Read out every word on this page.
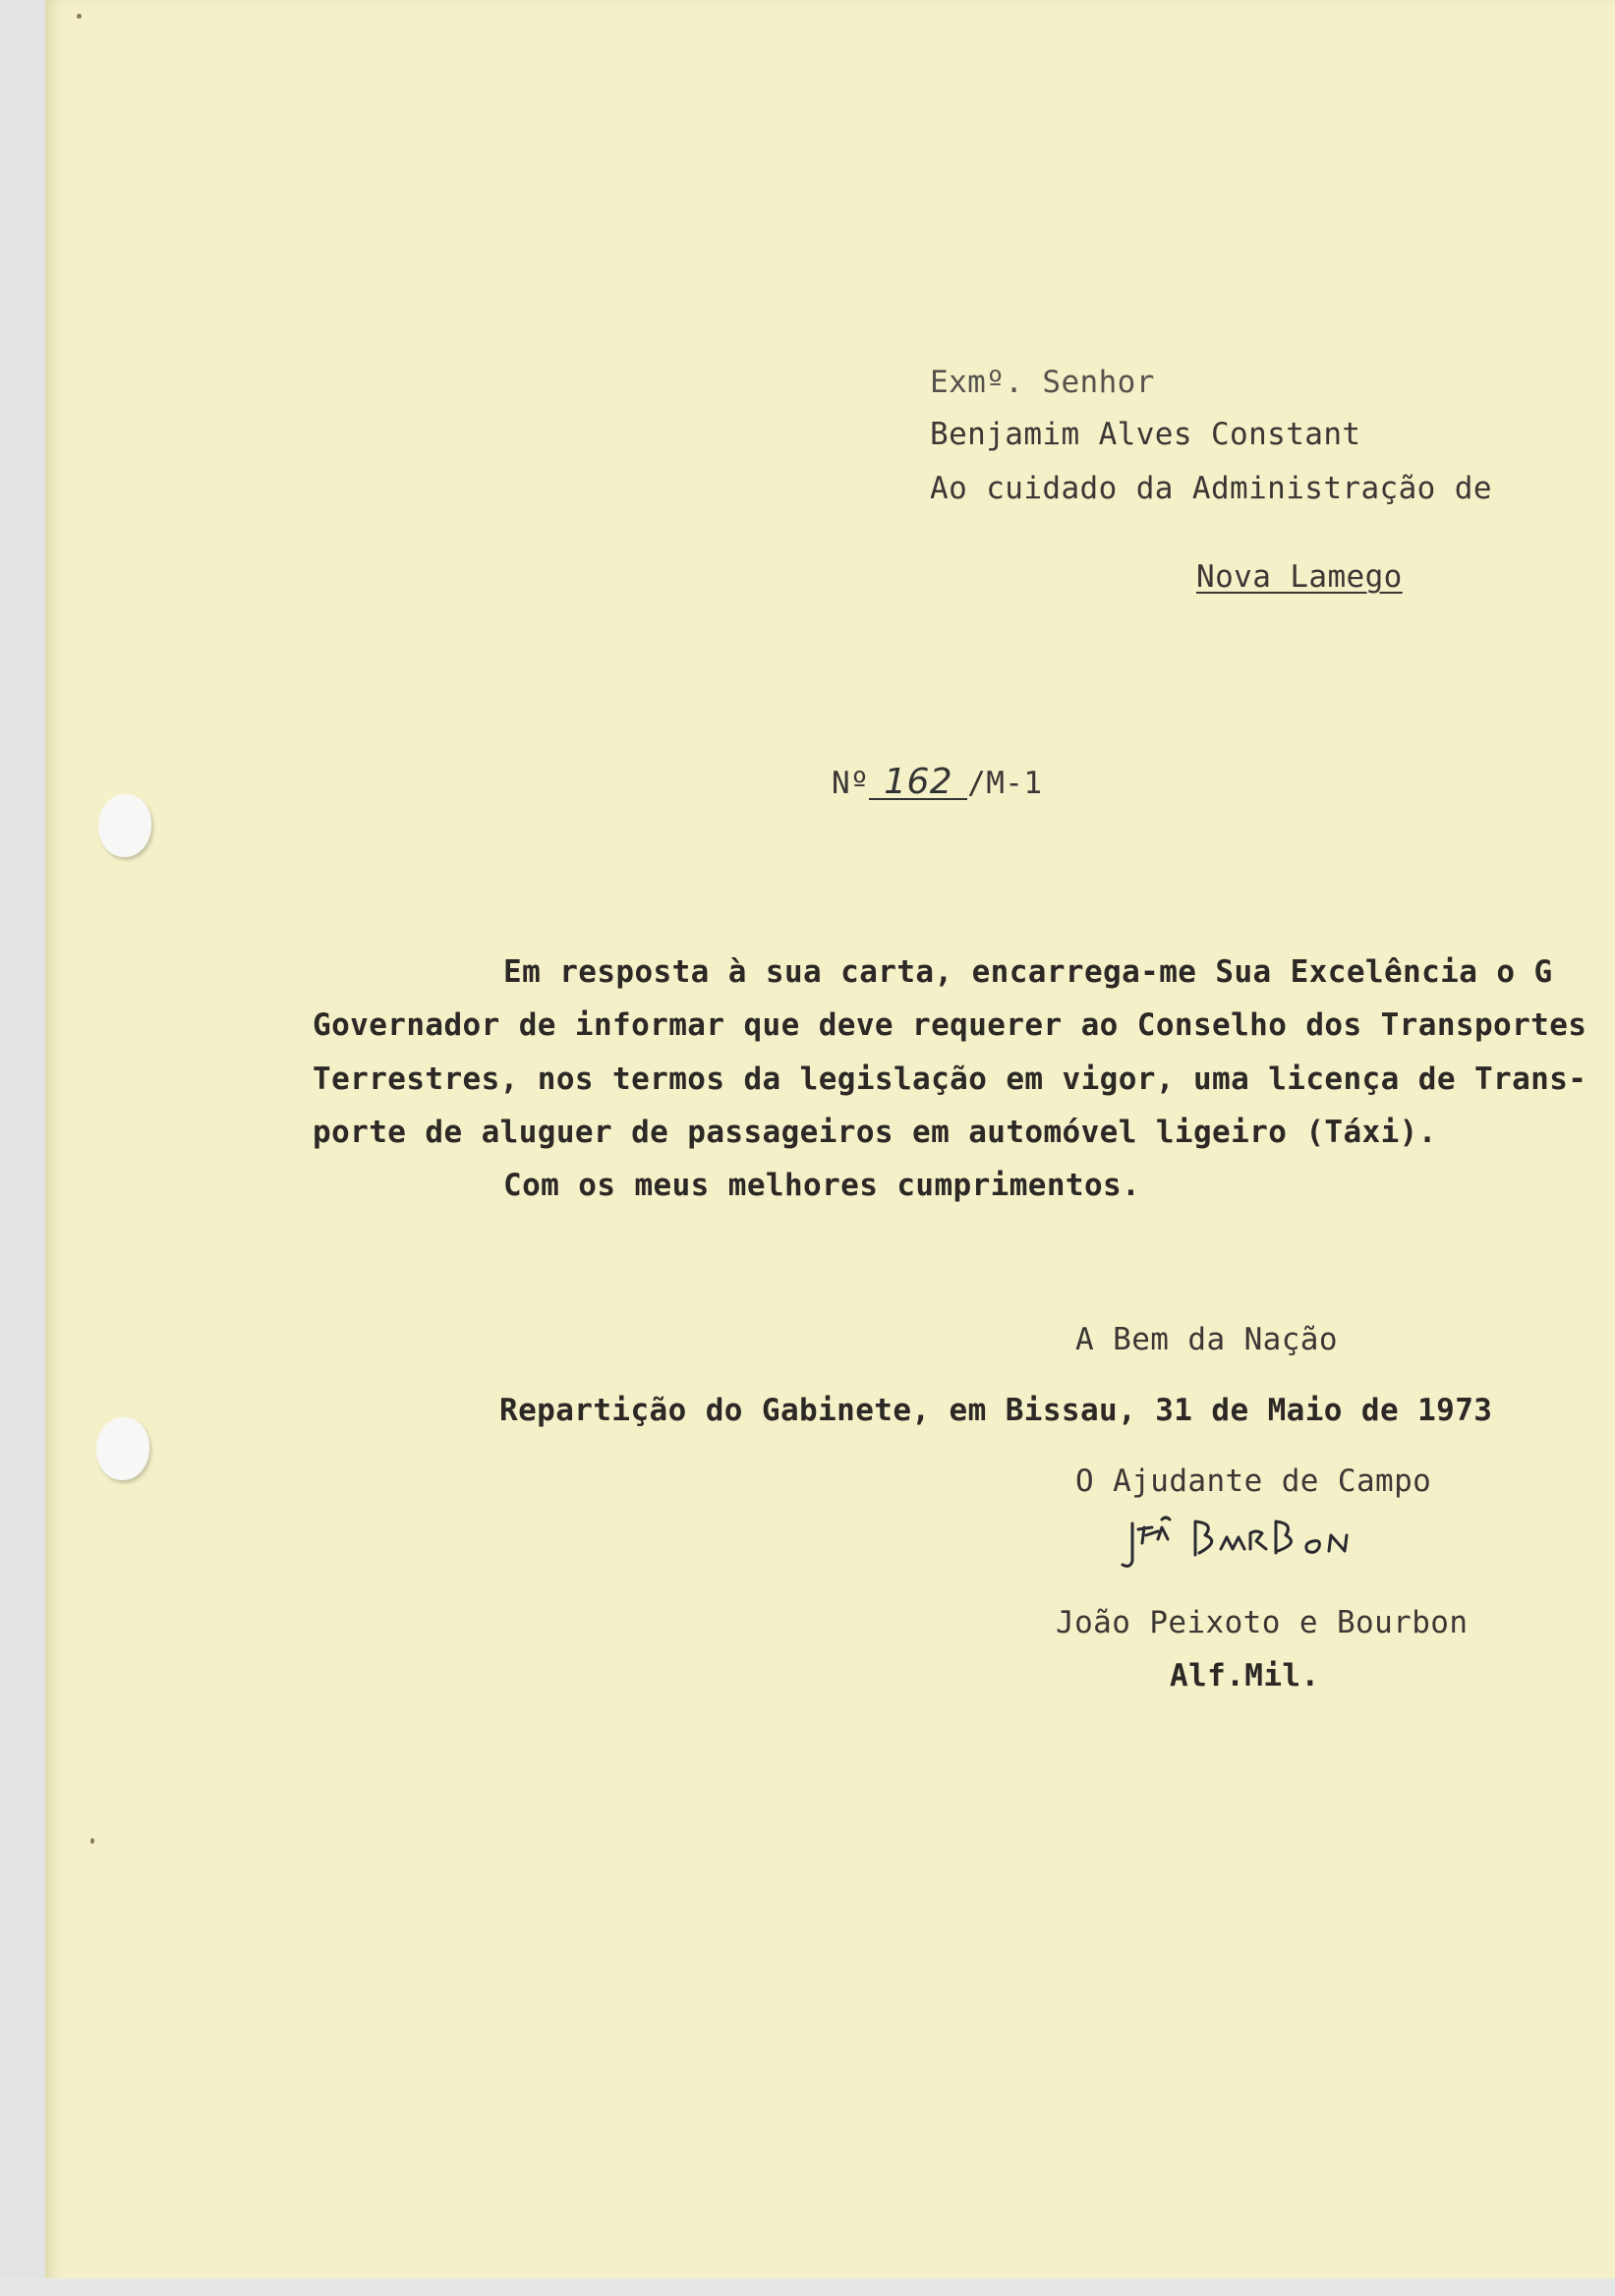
Exmº. Senhor

Benjamim Alves Constant

Ao cuidado da Administração de

Nova Lamego

Nº 162 /M-1

Em resposta à sua carta, encarrega-me Sua Excelência o G

Governador de informar que deve requerer ao Conselho dos Transportes

Terrestres, nos termos da legislação em vigor, uma licença de Trans-

porte de aluguer de passageiros em automóvel ligeiro (Táxi).

Com os meus melhores cumprimentos.

A Bem da Nação

Repartição do Gabinete, em Bissau, 31 de Maio de 1973

O Ajudante de Campo

João Peixoto e Bourbon

Alf.Mil.
